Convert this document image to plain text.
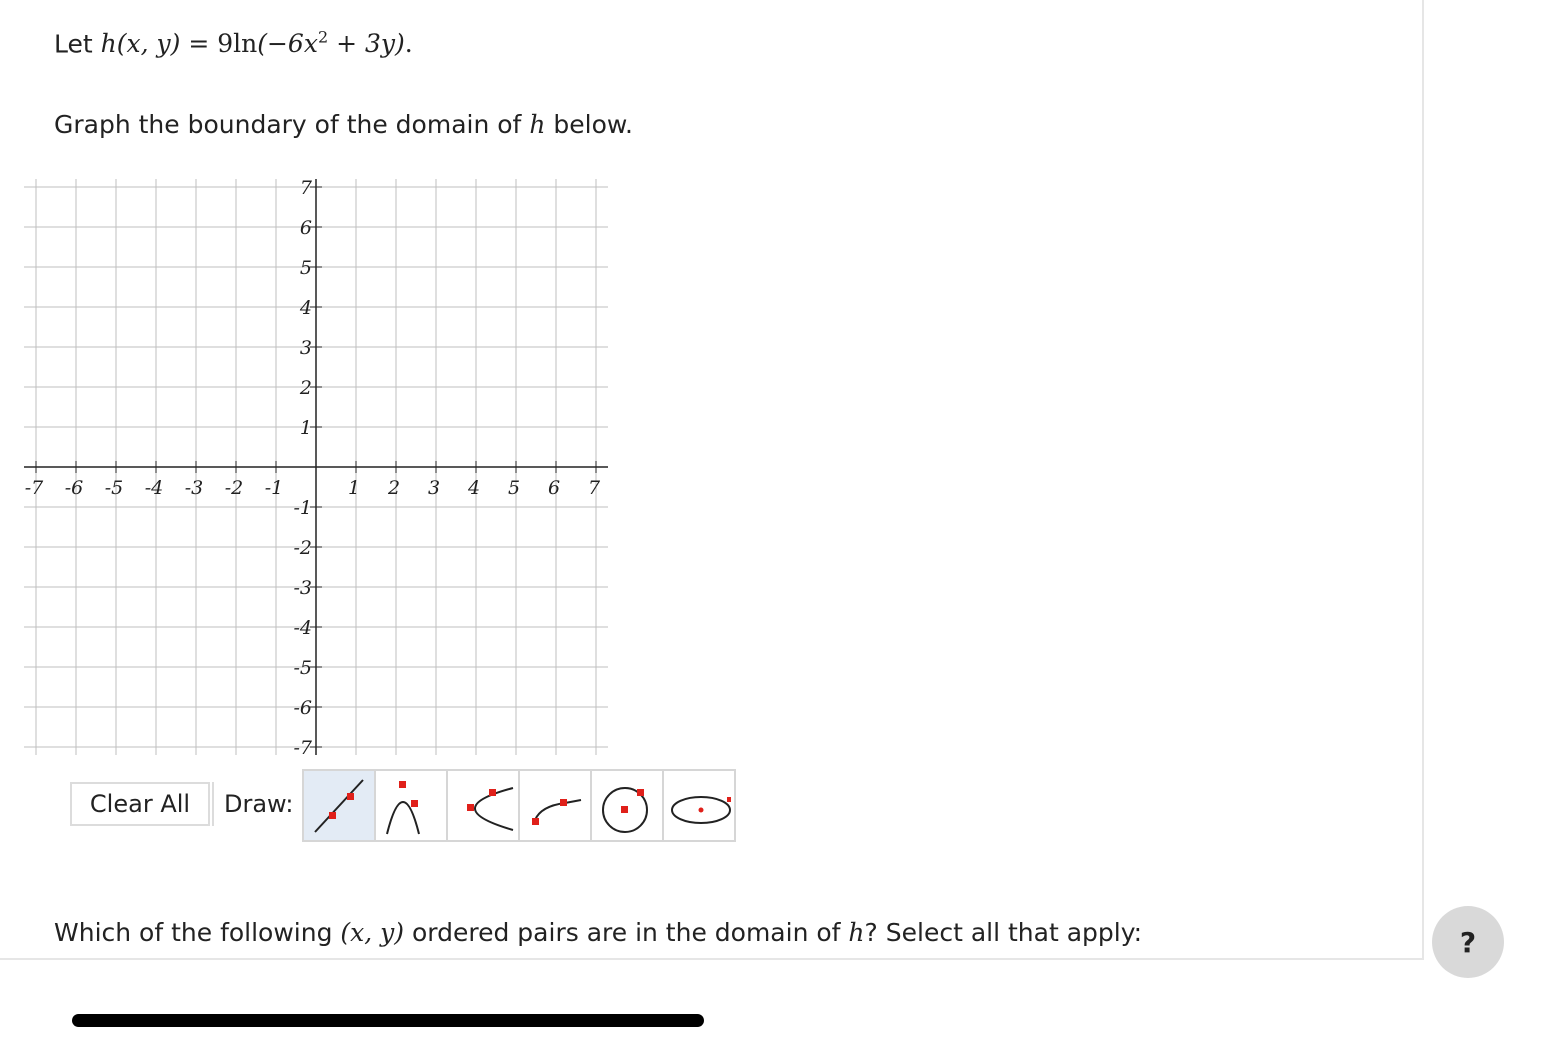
Let h(x, $y) = 9\ln(-6x^2 + 3y)$.
Graph the boundary of the domain of h below.
-7 -6 -5 -4 -3 -2 -1	1 2 3 4 5 6 7
7
6
5
4
3
2
1
-1
-2
-3
-4
-5
-6
-7
Clear All	Draw:
Which of the following (x, y) ordered pairs are in the domain of h? Select all that apply:	?
